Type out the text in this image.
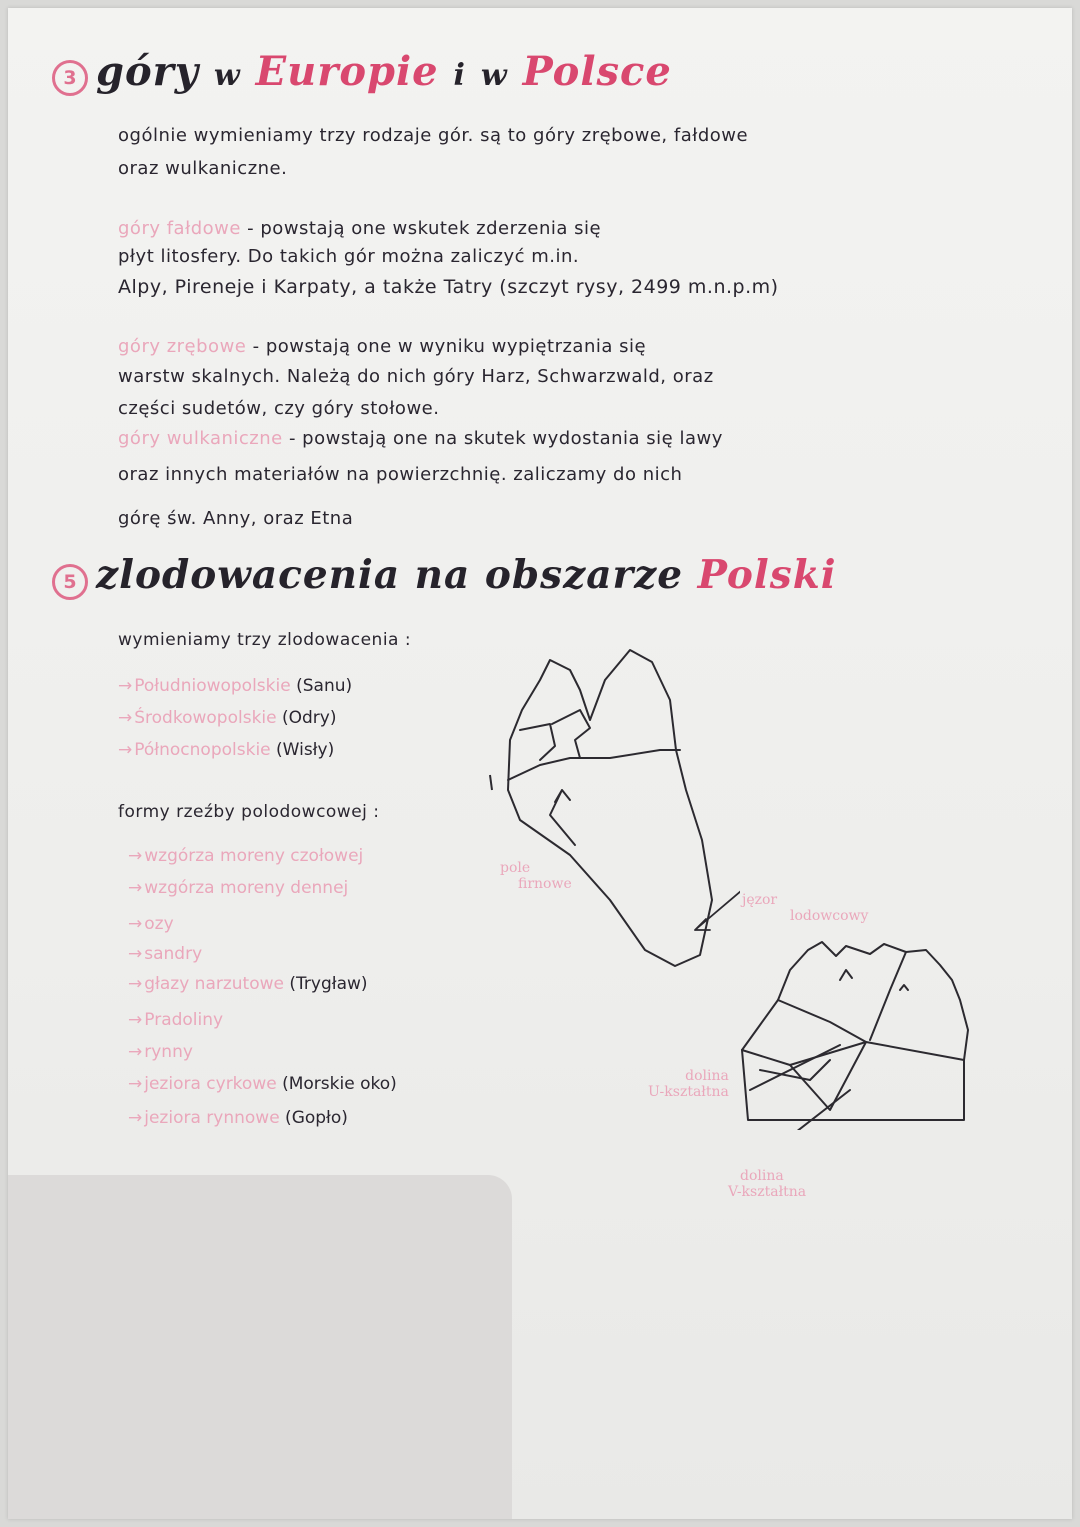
3 góry w Europie i w Polsce
ogólnie wymieniamy trzy rodzaje gór. są to góry zrębowe, fałdowe
oraz wulkaniczne.
góry fałdowe - powstają one wskutek zderzenia się
płyt litosfery. Do takich gór można zaliczyć m.in.
Alpy, Pireneje i Karpaty, a także Tatry (szczyt rysy, 2499 m.n.p.m)
góry zrębowe - powstają one w wyniku wypiętrzania się
warstw skalnych. Należą do nich góry Harz, Schwarzwald, oraz
części sudetów, czy góry stołowe.
góry wulkaniczne - powstają one na skutek wydostania się lawy
oraz innych materiałów na powierzchnię. zaliczamy do nich
górę św. Anny, oraz Etna
5 zlodowacenia na obszarze Polski
wymieniamy trzy zlodowacenia :
→ Południowopolskie (Sanu)
→ Środkowopolskie (Odry)
→ Północnopolskie (Wisły)
formy rzeźby polodowcowej :
→ wzgórza moreny czołowej
→ wzgórza moreny dennej
→ ozy
→ sandry
→ głazy narzutowe (Trygław)
→ Pradoliny
→ rynny
→ jeziora cyrkowe (Morskie oko)
→ jeziora rynnowe (Gopło)
pole
firnowe
jęzor
lodowcowy
dolina
U-kształtna
dolina
V-kształtna
